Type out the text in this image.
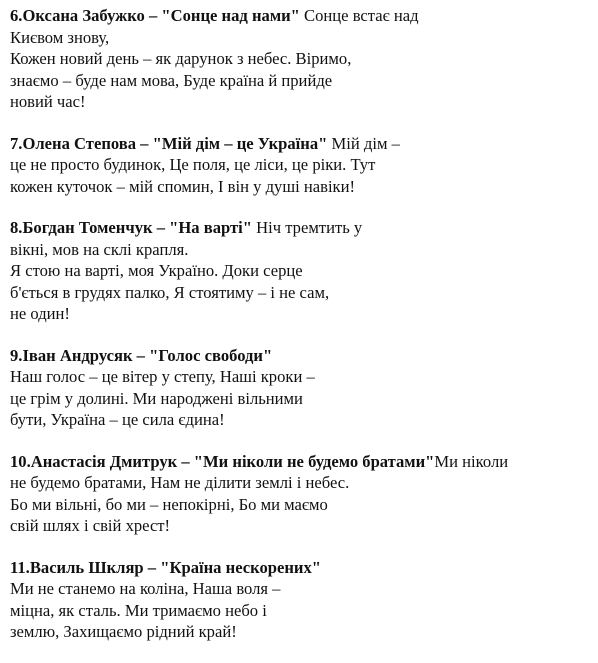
6.Оксана Забужко – "Сонце над нами" Сонце встає над
Києвом знову,
Кожен новий день – як дарунок з небес. Віримо,
знаємо – буде нам мова, Буде країна й прийде
новий час!
7.Олена Степова – "Мій дім – це Україна" Мій дім –
це не просто будинок, Це поля, це ліси, це ріки. Тут
кожен куточок – мій спомин, І він у душі навіки!
8.Богдан Томенчук – "На варті" Ніч тремтить у
вікні, мов на склі крапля.
Я стою на варті, моя Україно. Доки серце
б'ється в грудях палко, Я стоятиму – і не сам,
не один!
9.Іван Андрусяк – "Голос свободи"
Наш голос – це вітер у степу, Наші кроки –
це грім у долині. Ми народжені вільними
бути, Україна – це сила єдина!
10.Анастасія Дмитрук – "Ми ніколи не будемо братами"Ми ніколи
не будемо братами, Нам не ділити землі і небес.
Бо ми вільні, бо ми – непокірні, Бо ми маємо
свій шлях і свій хрест!
11.Василь Шкляр – "Країна нескорених"
Ми не станемо на коліна, Наша воля –
міцна, як сталь. Ми тримаємо небо і
землю, Захищаємо рідний край!
